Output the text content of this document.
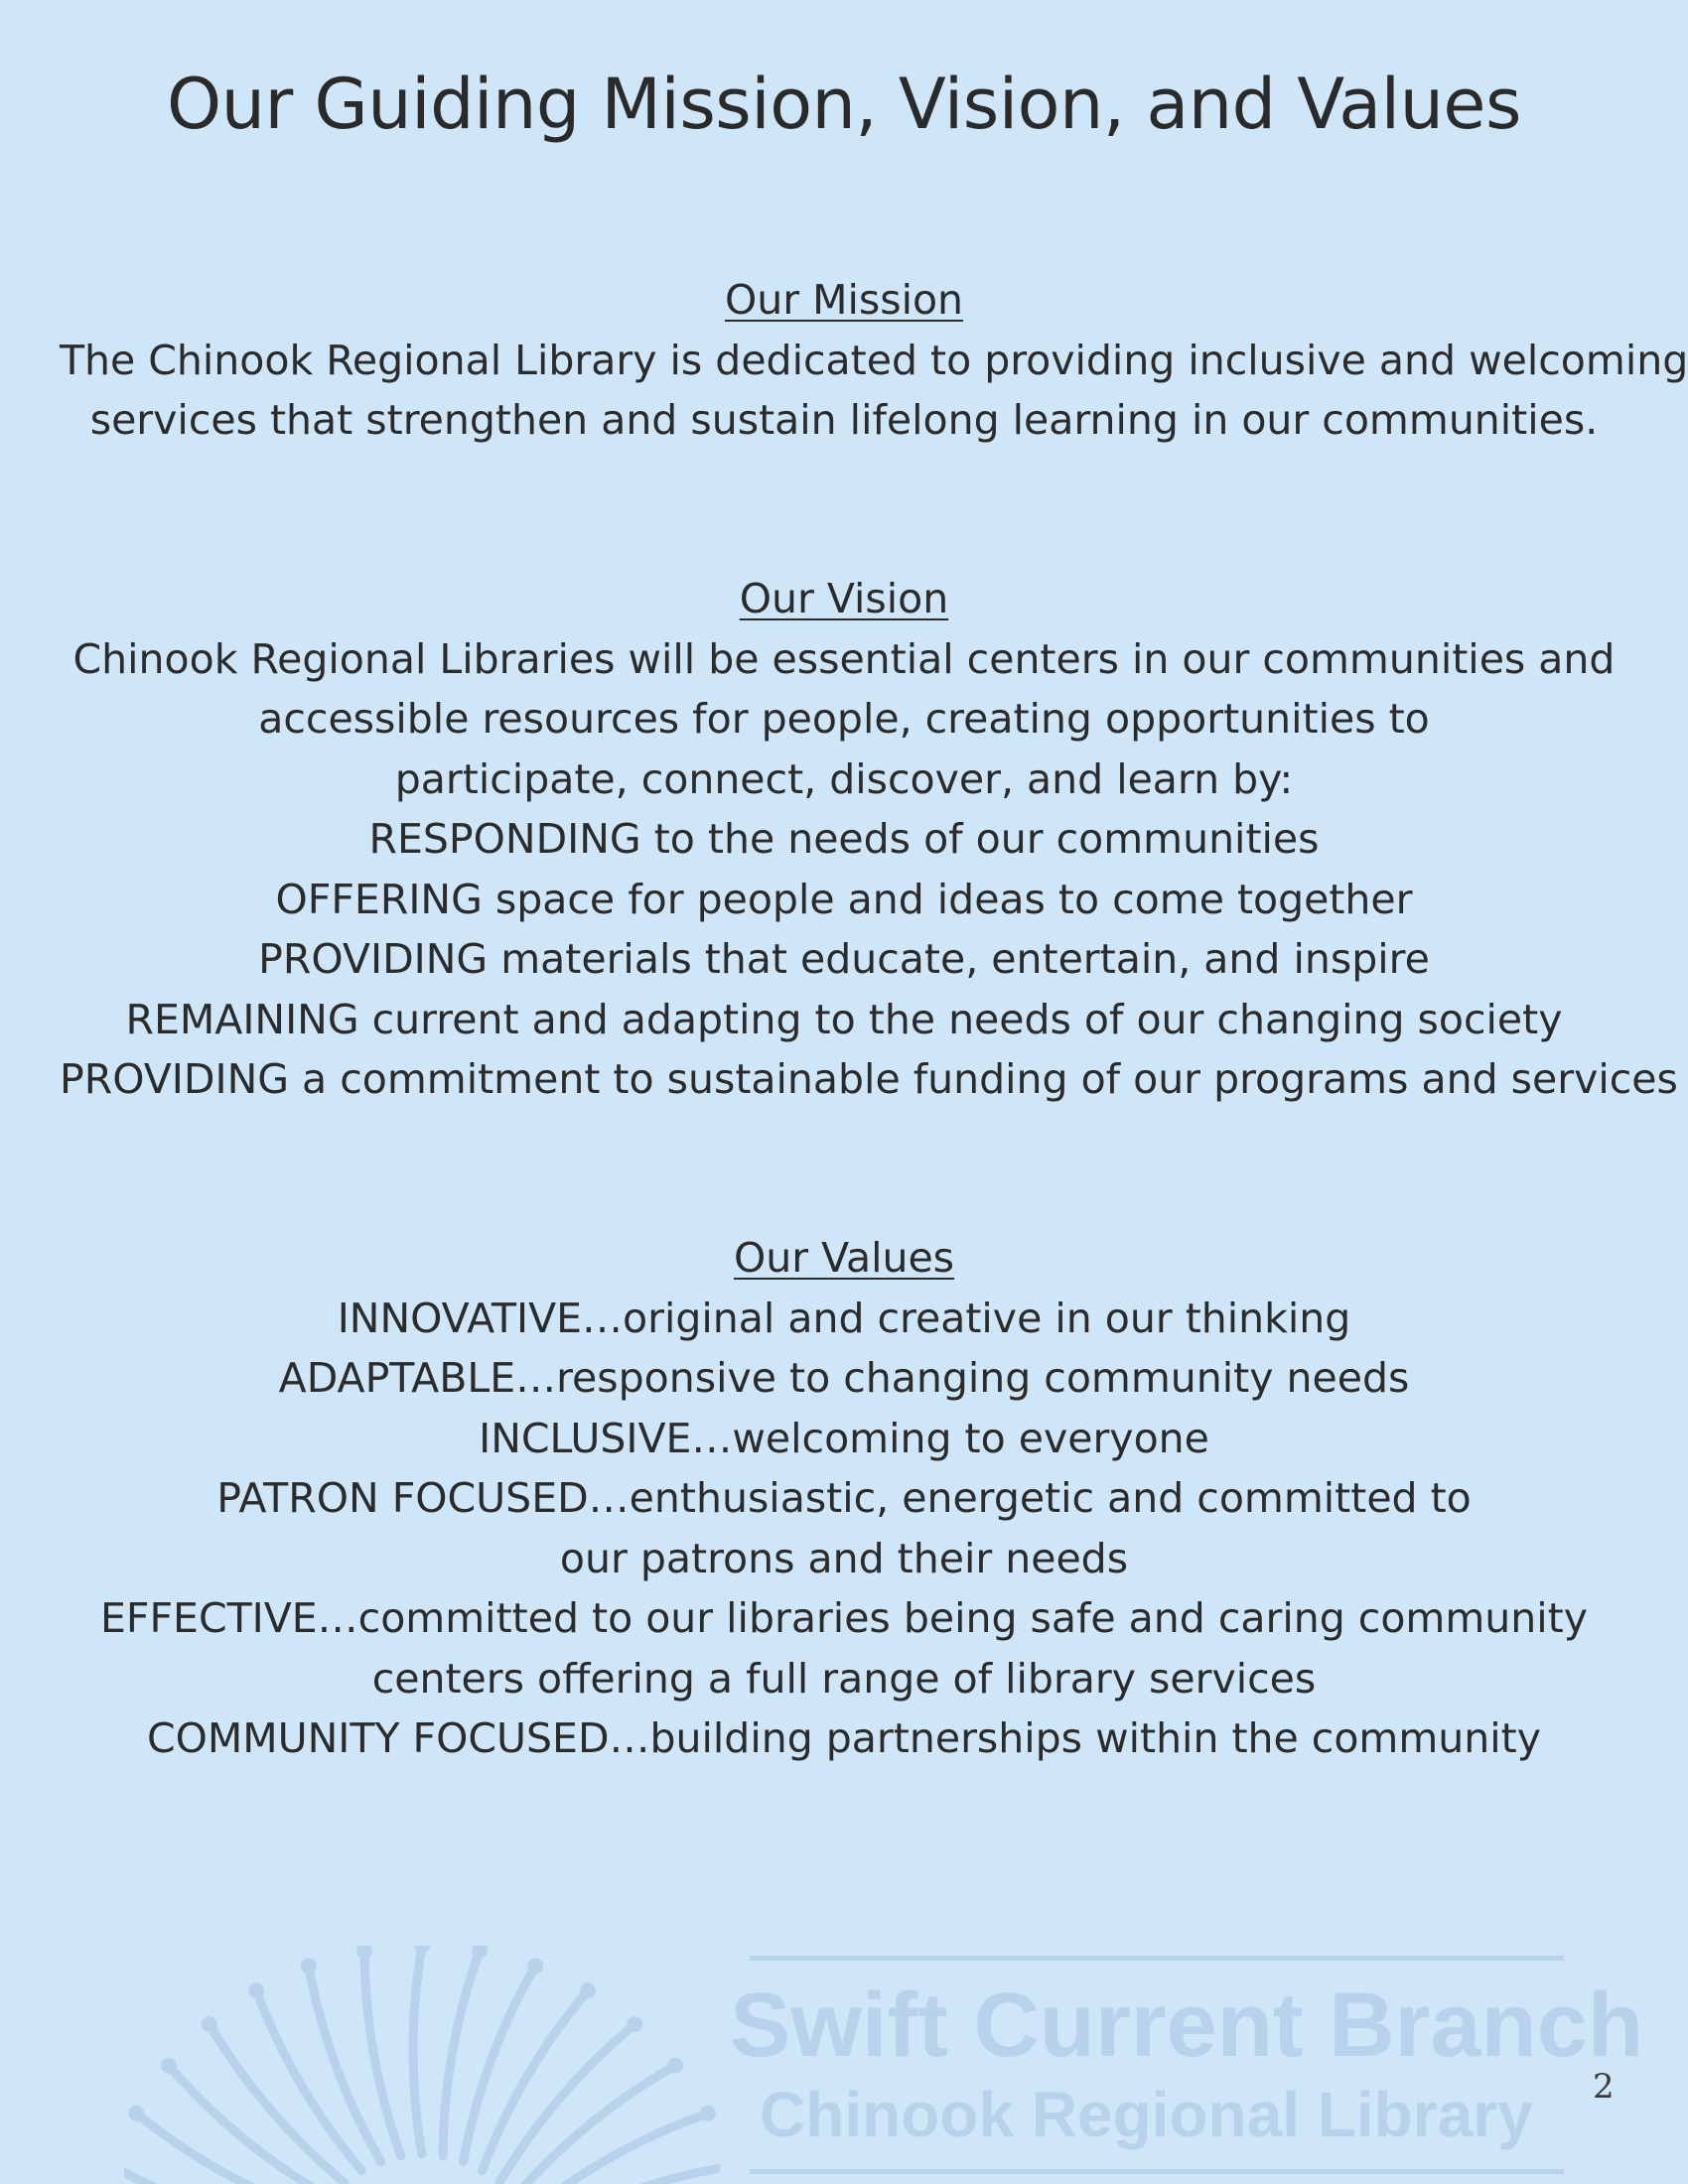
Our Guiding Mission, Vision, and Values
Our Mission
The Chinook Regional Library is dedicated to providing inclusive and welcoming
services that strengthen and sustain lifelong learning in our communities.
Our Vision
Chinook Regional Libraries will be essential centers in our communities and
accessible resources for people, creating opportunities to
participate, connect, discover, and learn by:
RESPONDING to the needs of our communities
OFFERING space for people and ideas to come together
PROVIDING materials that educate, entertain, and inspire
REMAINING current and adapting to the needs of our changing society
PROVIDING a commitment to sustainable funding of our programs and services
Our Values
INNOVATIVE…original and creative in our thinking
ADAPTABLE…responsive to changing community needs
INCLUSIVE…welcoming to everyone
PATRON FOCUSED…enthusiastic, energetic and committed to
our patrons and their needs
EFFECTIVE…committed to our libraries being safe and caring community
centers offering a full range of library services
COMMUNITY FOCUSED…building partnerships within the community
Swift Current Branch
Chinook Regional Library 2
